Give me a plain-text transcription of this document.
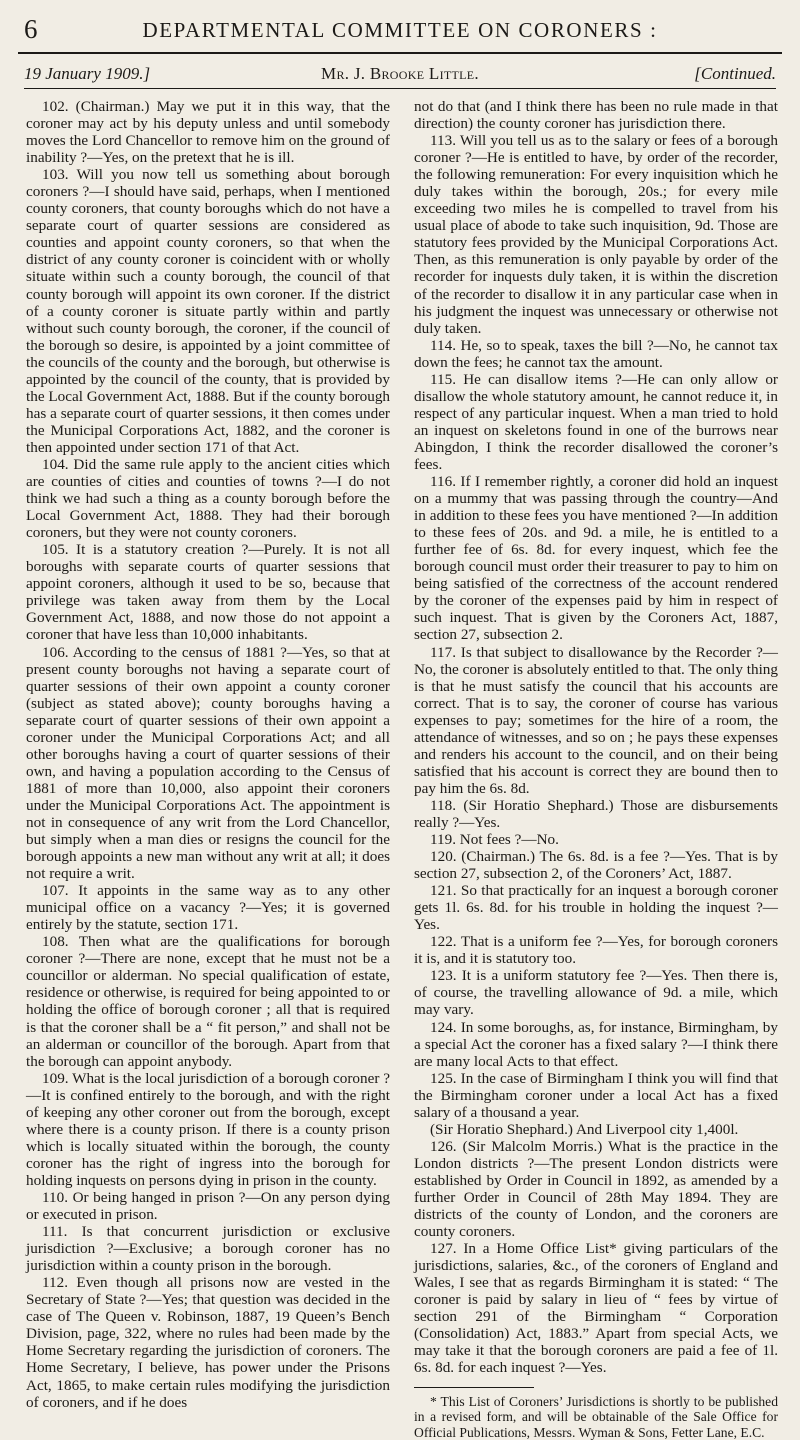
6	DEPARTMENTAL COMMITTEE ON CORONERS :
19 January 1909.]	Mr. J. Brooke Little.	[Continued.

102. (Chairman.) May we put it in this way, that the coroner may act by his deputy unless and until somebody moves the Lord Chancellor to remove him on the ground of inability ?—Yes, on the pretext that he is ill.

103. Will you now tell us something about borough coroners ?—I should have said, perhaps, when I mentioned county coroners, that county boroughs which do not have a separate court of quarter sessions are considered as counties and appoint county coroners, so that when the district of any county coroner is coincident with or wholly situate within such a county borough, the council of that county borough will appoint its own coroner. If the district of a county coroner is situate partly within and partly without such county borough, the coroner, if the council of the borough so desire, is appointed by a joint committee of the councils of the county and the borough, but otherwise is appointed by the council of the county, that is provided by the Local Government Act, 1888. But if the county borough has a separate court of quarter sessions, it then comes under the Municipal Corporations Act, 1882, and the coroner is then appointed under section 171 of that Act.

104. Did the same rule apply to the ancient cities which are counties of cities and counties of towns ?—I do not think we had such a thing as a county borough before the Local Government Act, 1888. They had their borough coroners, but they were not county coroners.

105. It is a statutory creation ?—Purely. It is not all boroughs with separate courts of quarter sessions that appoint coroners, although it used to be so, because that privilege was taken away from them by the Local Government Act, 1888, and now those do not appoint a coroner that have less than 10,000 inhabitants.

106. According to the census of 1881 ?—Yes, so that at present county boroughs not having a separate court of quarter sessions of their own appoint a county coroner (subject as stated above); county boroughs having a separate court of quarter sessions of their own appoint a coroner under the Municipal Corporations Act; and all other boroughs having a court of quarter sessions of their own, and having a population according to the Census of 1881 of more than 10,000, also appoint their coroners under the Municipal Corporations Act. The appointment is not in consequence of any writ from the Lord Chancellor, but simply when a man dies or resigns the council for the borough appoints a new man without any writ at all; it does not require a writ.

107. It appoints in the same way as to any other municipal office on a vacancy ?—Yes; it is governed entirely by the statute, section 171.

108. Then what are the qualifications for borough coroner ?—There are none, except that he must not be a councillor or alderman. No special qualification of estate, residence or otherwise, is required for being appointed to or holding the office of borough coroner ; all that is required is that the coroner shall be a “ fit person,” and shall not be an alderman or councillor of the borough. Apart from that the borough can appoint anybody.

109. What is the local jurisdiction of a borough coroner ?—It is confined entirely to the borough, and with the right of keeping any other coroner out from the borough, except where there is a county prison. If there is a county prison which is locally situated within the borough, the county coroner has the right of ingress into the borough for holding inquests on persons dying in prison in the county.

110. Or being hanged in prison ?—On any person dying or executed in prison.

111. Is that concurrent jurisdiction or exclusive jurisdiction ?—Exclusive; a borough coroner has no jurisdiction within a county prison in the borough.

112. Even though all prisons now are vested in the Secretary of State ?—Yes; that question was decided in the case of The Queen v. Robinson, 1887, 19 Queen’s Bench Division, page, 322, where no rules had been made by the Home Secretary regarding the jurisdiction of coroners. The Home Secretary, I believe, has power under the Prisons Act, 1865, to make certain rules modifying the jurisdiction of coroners, and if he does

not do that (and I think there has been no rule made in that direction) the county coroner has jurisdiction there.

113. Will you tell us as to the salary or fees of a borough coroner ?—He is entitled to have, by order of the recorder, the following remuneration: For every inquisition which he duly takes within the borough, 20s.; for every mile exceeding two miles he is compelled to travel from his usual place of abode to take such inquisition, 9d. Those are statutory fees provided by the Municipal Corporations Act. Then, as this remuneration is only payable by order of the recorder for inquests duly taken, it is within the discretion of the recorder to disallow it in any particular case when in his judgment the inquest was unnecessary or otherwise not duly taken.

114. He, so to speak, taxes the bill ?—No, he cannot tax down the fees; he cannot tax the amount.

115. He can disallow items ?—He can only allow or disallow the whole statutory amount, he cannot reduce it, in respect of any particular inquest. When a man tried to hold an inquest on skeletons found in one of the burrows near Abingdon, I think the recorder disallowed the coroner’s fees.

116. If I remember rightly, a coroner did hold an inquest on a mummy that was passing through the country—And in addition to these fees you have mentioned ?—In addition to these fees of 20s. and 9d. a mile, he is entitled to a further fee of 6s. 8d. for every inquest, which fee the borough council must order their treasurer to pay to him on being satisfied of the correctness of the account rendered by the coroner of the expenses paid by him in respect of such inquest. That is given by the Coroners Act, 1887, section 27, subsection 2.

117. Is that subject to disallowance by the Recorder ?—No, the coroner is absolutely entitled to that. The only thing is that he must satisfy the council that his accounts are correct. That is to say, the coroner of course has various expenses to pay; sometimes for the hire of a room, the attendance of witnesses, and so on ; he pays these expenses and renders his account to the council, and on their being satisfied that his account is correct they are bound then to pay him the 6s. 8d.

118. (Sir Horatio Shephard.) Those are disbursements really ?—Yes.

119. Not fees ?—No.

120. (Chairman.) The 6s. 8d. is a fee ?—Yes. That is by section 27, subsection 2, of the Coroners’ Act, 1887.

121. So that practically for an inquest a borough coroner gets 1l. 6s. 8d. for his trouble in holding the inquest ?—Yes.

122. That is a uniform fee ?—Yes, for borough coroners it is, and it is statutory too.

123. It is a uniform statutory fee ?—Yes. Then there is, of course, the travelling allowance of 9d. a mile, which may vary.

124. In some boroughs, as, for instance, Birmingham, by a special Act the coroner has a fixed salary ?—I think there are many local Acts to that effect.

125. In the case of Birmingham I think you will find that the Birmingham coroner under a local Act has a fixed salary of a thousand a year.

(Sir Horatio Shephard.) And Liverpool city 1,400l.

126. (Sir Malcolm Morris.) What is the practice in the London districts ?—The present London districts were established by Order in Council in 1892, as amended by a further Order in Council of 28th May 1894. They are districts of the county of London, and the coroners are county coroners.

127. In a Home Office List* giving particulars of the jurisdictions, salaries, &c., of the coroners of England and Wales, I see that as regards Birmingham it is stated: “ The coroner is paid by salary in lieu of “ fees by virtue of section 291 of the Birmingham “ Corporation (Consolidation) Act, 1883.” Apart from special Acts, we may take it that the borough coroners are paid a fee of 1l. 6s. 8d. for each inquest ?—Yes.

* This List of Coroners’ Jurisdictions is shortly to be published in a revised form, and will be obtainable of the Sale Office for Official Publications, Messrs. Wyman & Sons, Fetter Lane, E.C.
